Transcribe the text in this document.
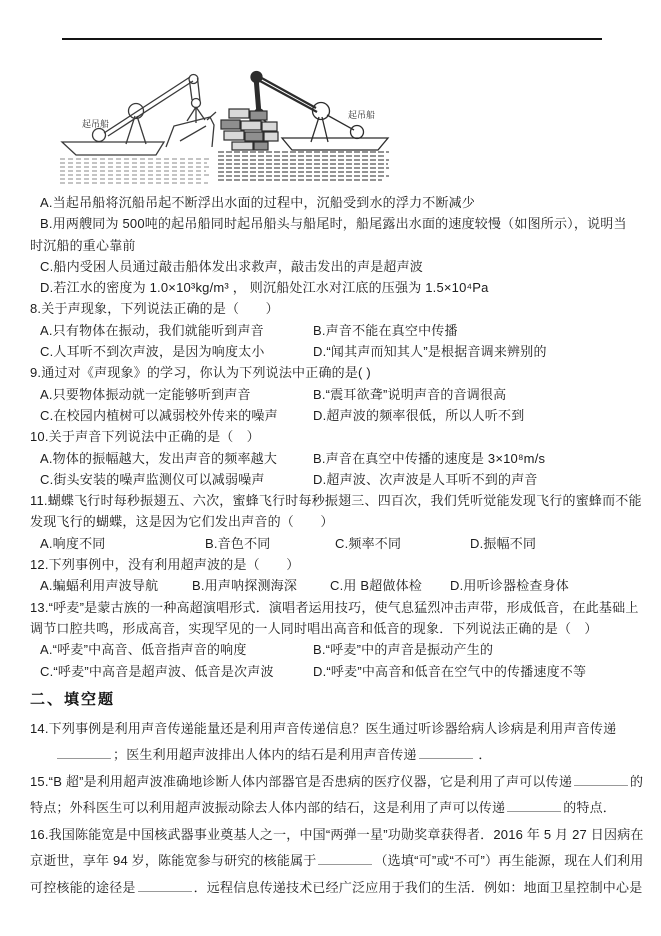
起吊船
起吊船
A.当起吊船将沉船吊起不断浮出水面的过程中，沉船受到水的浮力不断减少
B.用两艘同为 500吨的起吊船同时起吊船头与船尾时，船尾露出水面的速度较慢（如图所示），说明当
时沉船的重心靠前
C.船内受困人员通过敲击船体发出求救声，敲击发出的声是超声波
D.若江水的密度为 1.0×10³kg/m³ ， 则沉船处江水对江底的压强为 1.5×10⁴Pa
8.关于声现象，下列说法正确的是（　　）
A.只有物体在振动，我们就能听到声音	B.声音不能在真空中传播
C.人耳听不到次声波，是因为响度太小	D.“闻其声而知其人”是根据音调来辨别的
9.通过对《声现象》的学习，你认为下列说法中正确的是( )
A.只要物体振动就一定能够听到声音	B.“震耳欲聋”说明声音的音调很高
C.在校园内植树可以减弱校外传来的噪声	D.超声波的频率很低，所以人听不到
10.关于声音下列说法中正确的是（　）
A.物体的振幅越大，发出声音的频率越大	B.声音在真空中传播的速度是 3×10⁸m/s
C.街头安装的噪声监测仪可以减弱噪声	D.超声波、次声波是人耳听不到的声音
11.蝴蝶飞行时每秒振翅五、六次，蜜蜂飞行时每秒振翅三、四百次，我们凭听觉能发现飞行的蜜蜂而不能
发现飞行的蝴蝶，这是因为它们发出声音的（　　）
A.响度不同	B.音色不同	C.频率不同	D.振幅不同
12.下列事例中，没有利用超声波的是（　　）
A.蝙蝠利用声波导航	B.用声呐探测海深	C.用 B超做体检 D.用听诊器检查身体
13.“呼麦”是蒙古族的一种高超演唱形式．演唱者运用技巧，使气息猛烈冲击声带，形成低音，在此基础上
调节口腔共鸣，形成高音，实现罕见的一人同时唱出高音和低音的现象．下列说法正确的是（　）
A.“呼麦”中高音、低音指声音的响度	B.“呼麦”中的声音是振动产生的
C.“呼麦”中高音是超声波、低音是次声波	D.“呼麦”中高音和低音在空气中的传播速度不等
二、填空题
14.下列事例是利用声音传递能量还是利用声音传递信息？医生通过听诊器给病人诊病是利用声音传递
；医生利用超声波排出人体内的结石是利用声音传递	．
15.“B 超”是利用超声波准确地诊断人体内部器官是否患病的医疗仪器，它是利用了声可以传递	的
特点；外科医生可以利用超声波振动除去人体内部的结石，这是利用了声可以传递	的特点．
16.我国陈能宽是中国核武器事业奠基人之一，中国“两弹一星”功勋奖章获得者．2016 年 5 月 27 日因病在
京逝世，享年 94 岁，陈能宽参与研究的核能属于	（选填“可”或“不可”）再生能源，现在人们利用
可控核能的途径是	．远程信息传递技术已经广泛应用于我们的生活．例如：地面卫星控制中心是
